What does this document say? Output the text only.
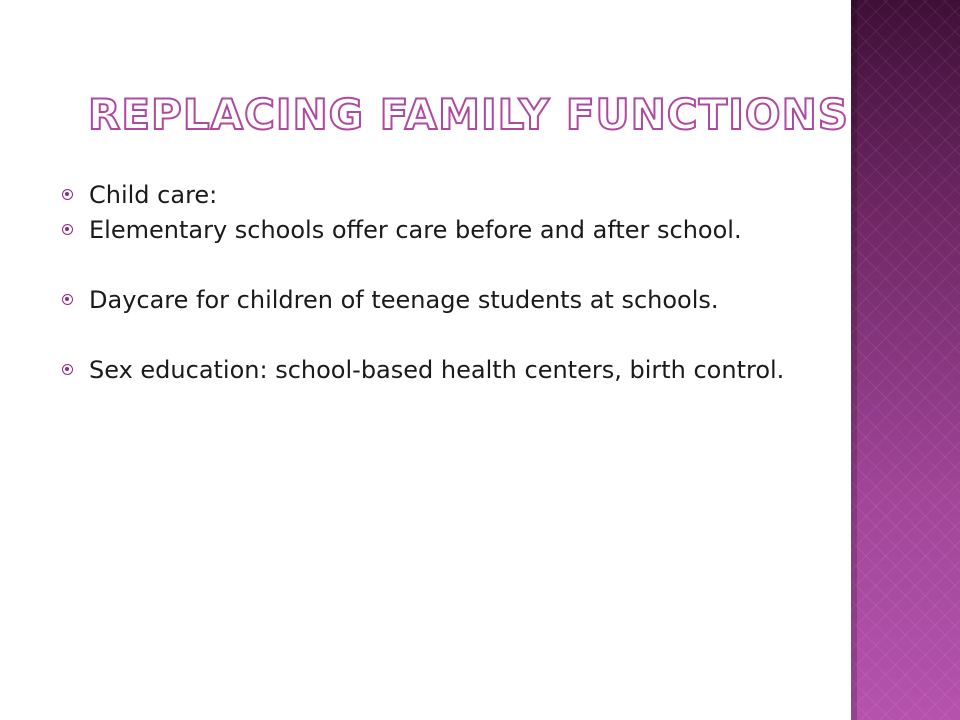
REPLACING FAMILY FUNCTIONS
Child care:
Elementary schools offer care before and after school.
Daycare for children of teenage students at schools.
Sex education: school-based health centers, birth control.
